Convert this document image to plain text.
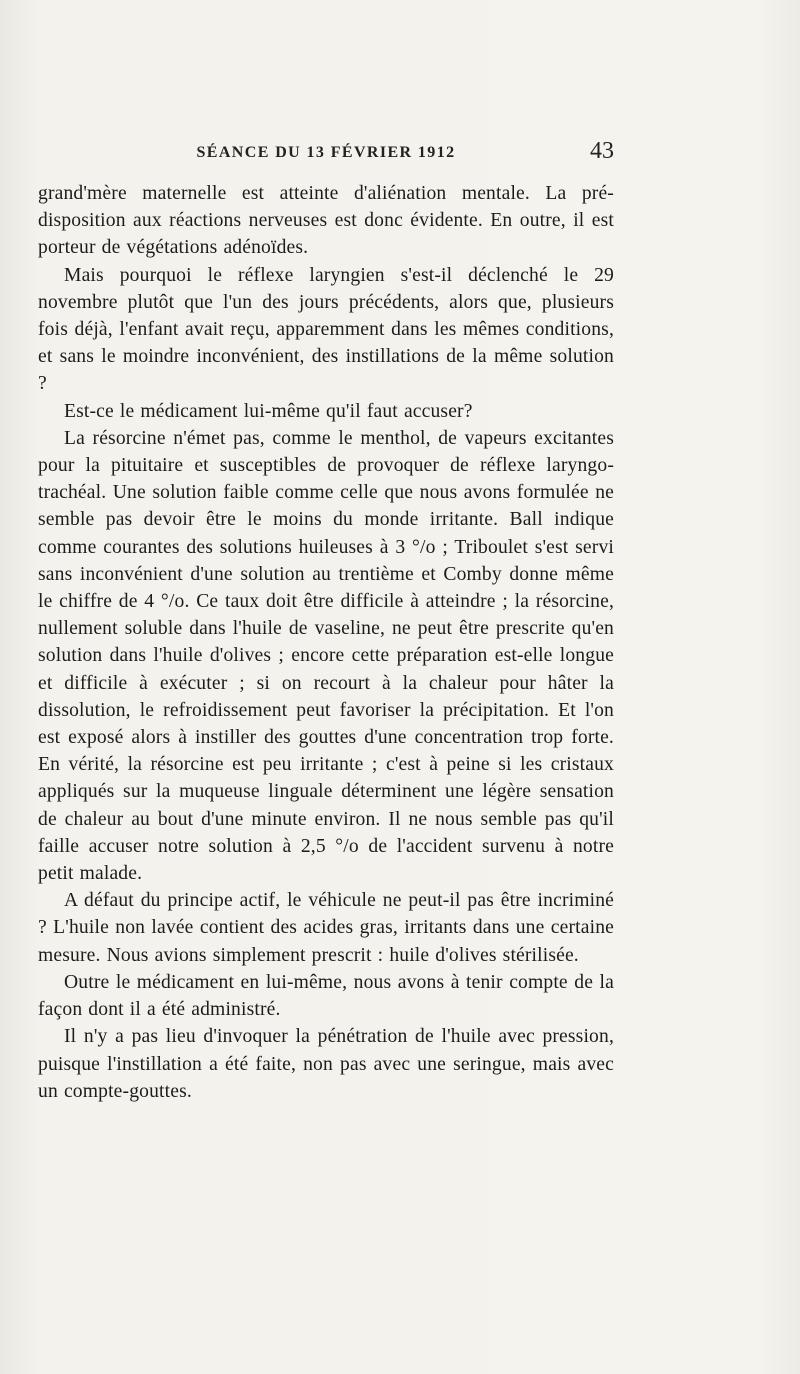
SÉANCE DU 13 FÉVRIER 1912	43

grand'mère maternelle est atteinte d'aliénation mentale. La pré-disposition aux réactions nerveuses est donc évidente. En outre, il est porteur de végétations adénoïdes.

Mais pourquoi le réflexe laryngien s'est-il déclenché le 29 novembre plutôt que l'un des jours précédents, alors que, plusieurs fois déjà, l'enfant avait reçu, apparemment dans les mêmes conditions, et sans le moindre inconvénient, des instillations de la même solution ?

Est-ce le médicament lui-même qu'il faut accuser?

La résorcine n'émet pas, comme le menthol, de vapeurs excitantes pour la pituitaire et susceptibles de provoquer de réflexe laryngo-trachéal. Une solution faible comme celle que nous avons formulée ne semble pas devoir être le moins du monde irritante. Ball indique comme courantes des solutions huileuses à 3 °/o ; Triboulet s'est servi sans inconvénient d'une solution au trentième et Comby donne même le chiffre de 4 °/o. Ce taux doit être difficile à atteindre ; la résorcine, nullement soluble dans l'huile de vaseline, ne peut être prescrite qu'en solution dans l'huile d'olives ; encore cette préparation est-elle longue et difficile à exécuter ; si on recourt à la chaleur pour hâter la dissolution, le refroidissement peut favoriser la précipitation. Et l'on est exposé alors à instiller des gouttes d'une concentration trop forte. En vérité, la résorcine est peu irritante ; c'est à peine si les cristaux appliqués sur la muqueuse linguale déterminent une légère sensation de chaleur au bout d'une minute environ. Il ne nous semble pas qu'il faille accuser notre solution à 2,5 °/o de l'accident survenu à notre petit malade.

A défaut du principe actif, le véhicule ne peut-il pas être incriminé ? L'huile non lavée contient des acides gras, irritants dans une certaine mesure. Nous avions simplement prescrit : huile d'olives stérilisée.

Outre le médicament en lui-même, nous avons à tenir compte de la façon dont il a été administré.

Il n'y a pas lieu d'invoquer la pénétration de l'huile avec pression, puisque l'instillation a été faite, non pas avec une seringue, mais avec un compte-gouttes.
